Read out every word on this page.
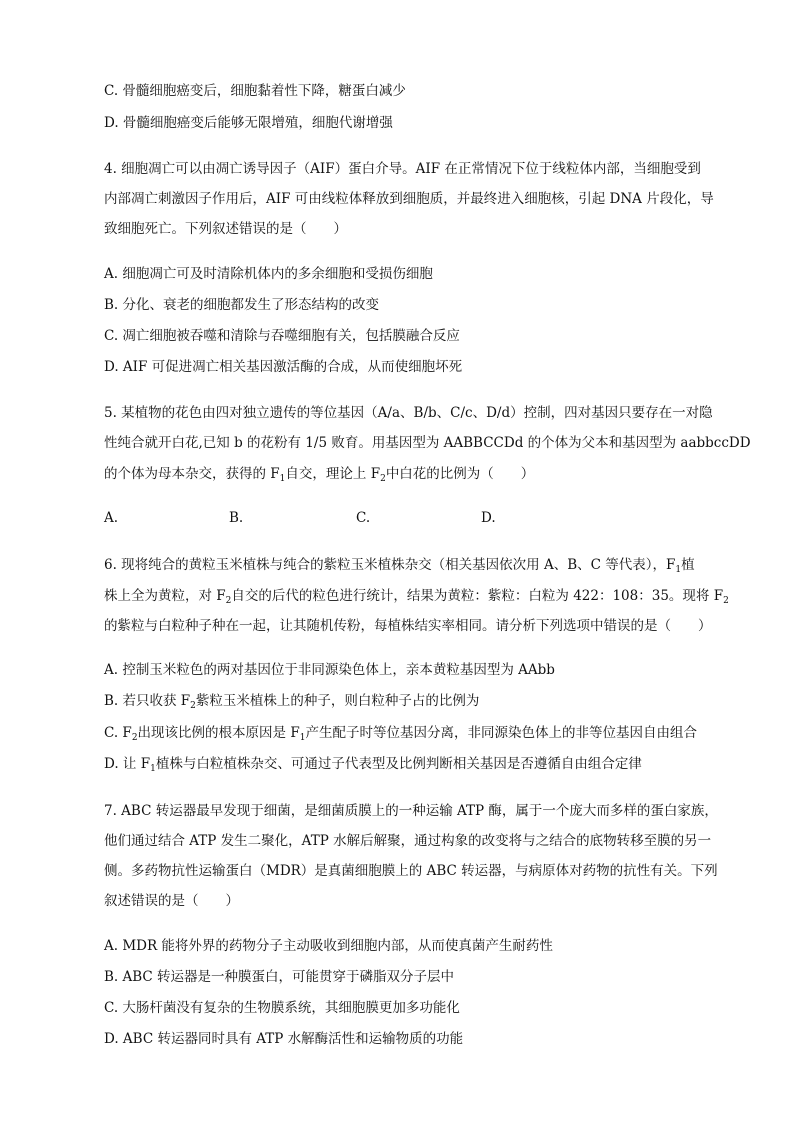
C. 骨髓细胞癌变后，细胞黏着性下降，糖蛋白减少
D. 骨髓细胞癌变后能够无限增殖，细胞代谢增强
4. 细胞凋亡可以由凋亡诱导因子（AIF）蛋白介导。AIF 在正常情况下位于线粒体内部，当细胞受到
内部凋亡刺激因子作用后，AIF 可由线粒体释放到细胞质，并最终进入细胞核，引起 DNA 片段化，导
致细胞死亡。下列叙述错误的是（　　）
A. 细胞凋亡可及时清除机体内的多余细胞和受损伤细胞
B. 分化、衰老的细胞都发生了形态结构的改变
C. 凋亡细胞被吞噬和清除与吞噬细胞有关，包括膜融合反应
D. AIF 可促进凋亡相关基因激活酶的合成，从而使细胞坏死
5. 某植物的花色由四对独立遗传的等位基因（A/a、B/b、C/c、D/d）控制，四对基因只要存在一对隐
性纯合就开白花,已知 b 的花粉有 1/5 败育。用基因型为 AABBCCDd 的个体为父本和基因型为 aabbccDD
的个体为母本杂交，获得的 $F_1$自交，理论上 $F_2$中白花的比例为（　　）
A.	B.	C.	D.
6. 现将纯合的黄粒玉米植株与纯合的紫粒玉米植株杂交（相关基因依次用 A、B、C 等代表），$F_1$植
株上全为黄粒，对 $F_2$自交的后代的粒色进行统计，结果为黄粒：紫粒：白粒为 422：108：35。现将 $F_2$
的紫粒与白粒种子种在一起，让其随机传粉，每植株结实率相同。请分析下列选项中错误的是（　　）
A. 控制玉米粒色的两对基因位于非同源染色体上，亲本黄粒基因型为 AAbb
B. 若只收获 $F_2$紫粒玉米植株上的种子，则白粒种子占的比例为
C. $F_2$出现该比例的根本原因是 $F_1$产生配子时等位基因分离，非同源染色体上的非等位基因自由组合
D. 让 $F_1$植株与白粒植株杂交、可通过子代表型及比例判断相关基因是否遵循自由组合定律
7. ABC 转运器最早发现于细菌，是细菌质膜上的一种运输 ATP 酶，属于一个庞大而多样的蛋白家族，
他们通过结合 ATP 发生二聚化，ATP 水解后解聚，通过构象的改变将与之结合的底物转移至膜的另一
侧。多药物抗性运输蛋白（MDR）是真菌细胞膜上的 ABC 转运器，与病原体对药物的抗性有关。下列
叙述错误的是（　　）
A. MDR 能将外界的药物分子主动吸收到细胞内部，从而使真菌产生耐药性
B. ABC 转运器是一种膜蛋白，可能贯穿于磷脂双分子层中
C. 大肠杆菌没有复杂的生物膜系统，其细胞膜更加多功能化
D. ABC 转运器同时具有 ATP 水解酶活性和运输物质的功能
